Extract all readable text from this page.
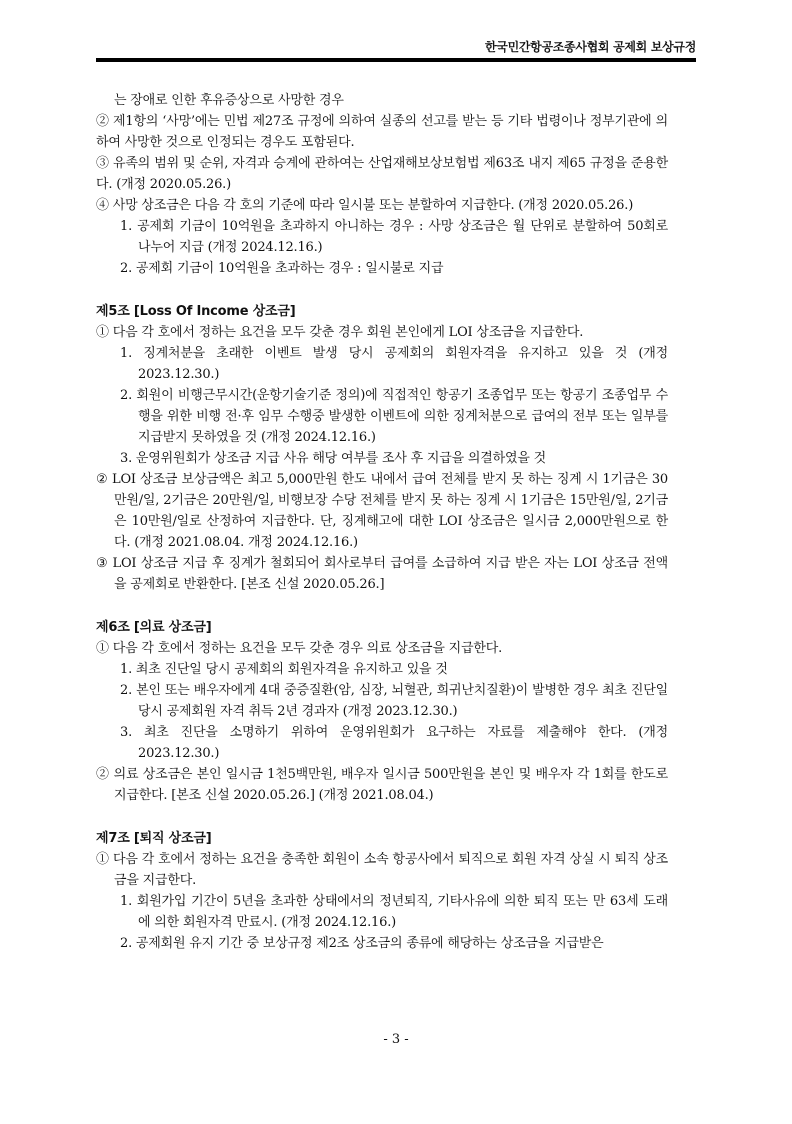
한국민간항공조종사협회 공제회 보상규정

는 장애로 인한 후유증상으로 사망한 경우

② 제1항의 ‘사망’에는 민법 제27조 규정에 의하여 실종의 선고를 받는 등 기타 법령이나 정부기관에 의하여 사망한 것으로 인정되는 경우도 포함된다.

③ 유족의 범위 및 순위, 자격과 승계에 관하여는 산업재해보상보험법 제63조 내지 제65 규정을 준용한다. (개정 2020.05.26.)

④ 사망 상조금은 다음 각 호의 기준에 따라 일시불 또는 분할하여 지급한다. (개정 2020.05.26.)

1. 공제회 기금이 10억원을 초과하지 아니하는 경우 : 사망 상조금은 월 단위로 분할하여 50회로 나누어 지급 (개정 2024.12.16.)

2. 공제회 기금이 10억원을 초과하는 경우 : 일시불로 지급

제5조 [Loss Of Income 상조금]

① 다음 각 호에서 정하는 요건을 모두 갖춘 경우 회원 본인에게 LOI 상조금을 지급한다.

1. 징계처분을 초래한 이벤트 발생 당시 공제회의 회원자격을 유지하고 있을 것 (개정 2023.12.30.)

2. 회원이 비행근무시간(운항기술기준 정의)에 직접적인 항공기 조종업무 또는 항공기 조종업무 수행을 위한 비행 전·후 임무 수행중 발생한 이벤트에 의한 징계처분으로 급여의 전부 또는 일부를 지급받지 못하였을 것 (개정 2024.12.16.)

3. 운영위원회가 상조금 지급 사유 해당 여부를 조사 후 지급을 의결하였을 것

② LOI 상조금 보상금액은 최고 5,000만원 한도 내에서 급여 전체를 받지 못 하는 징계 시 1기금은 30만원/일, 2기금은 20만원/일, 비행보장 수당 전체를 받지 못 하는 징계 시 1기금은 15만원/일, 2기금은 10만원/일로 산정하여 지급한다. 단, 징계해고에 대한 LOI 상조금은 일시금 2,000만원으로 한다. (개정 2021.08.04. 개정 2024.12.16.)

③ LOI 상조금 지급 후 징계가 철회되어 회사로부터 급여를 소급하여 지급 받은 자는 LOI 상조금 전액을 공제회로 반환한다. [본조 신설 2020.05.26.]

제6조 [의료 상조금]

① 다음 각 호에서 정하는 요건을 모두 갖춘 경우 의료 상조금을 지급한다.

1. 최초 진단일 당시 공제회의 회원자격을 유지하고 있을 것

2. 본인 또는 배우자에게 4대 중증질환(암, 심장, 뇌혈관, 희귀난치질환)이 발병한 경우 최초 진단일 당시 공제회원 자격 취득 2년 경과자 (개정 2023.12.30.)

3. 최초 진단을 소명하기 위하여 운영위원회가 요구하는 자료를 제출해야 한다. (개정 2023.12.30.)

② 의료 상조금은 본인 일시금 1천5백만원, 배우자 일시금 500만원을 본인 및 배우자 각 1회를 한도로 지급한다. [본조 신설 2020.05.26.] (개정 2021.08.04.)

제7조 [퇴직 상조금]

① 다음 각 호에서 정하는 요건을 충족한 회원이 소속 항공사에서 퇴직으로 회원 자격 상실 시 퇴직 상조금을 지급한다.

1. 회원가입 기간이 5년을 초과한 상태에서의 정년퇴직, 기타사유에 의한 퇴직 또는 만 63세 도래에 의한 회원자격 만료시. (개정 2024.12.16.)

2. 공제회원 유지 기간 중 보상규정 제2조 상조금의 종류에 해당하는 상조금을 지급받은

- 3 -
